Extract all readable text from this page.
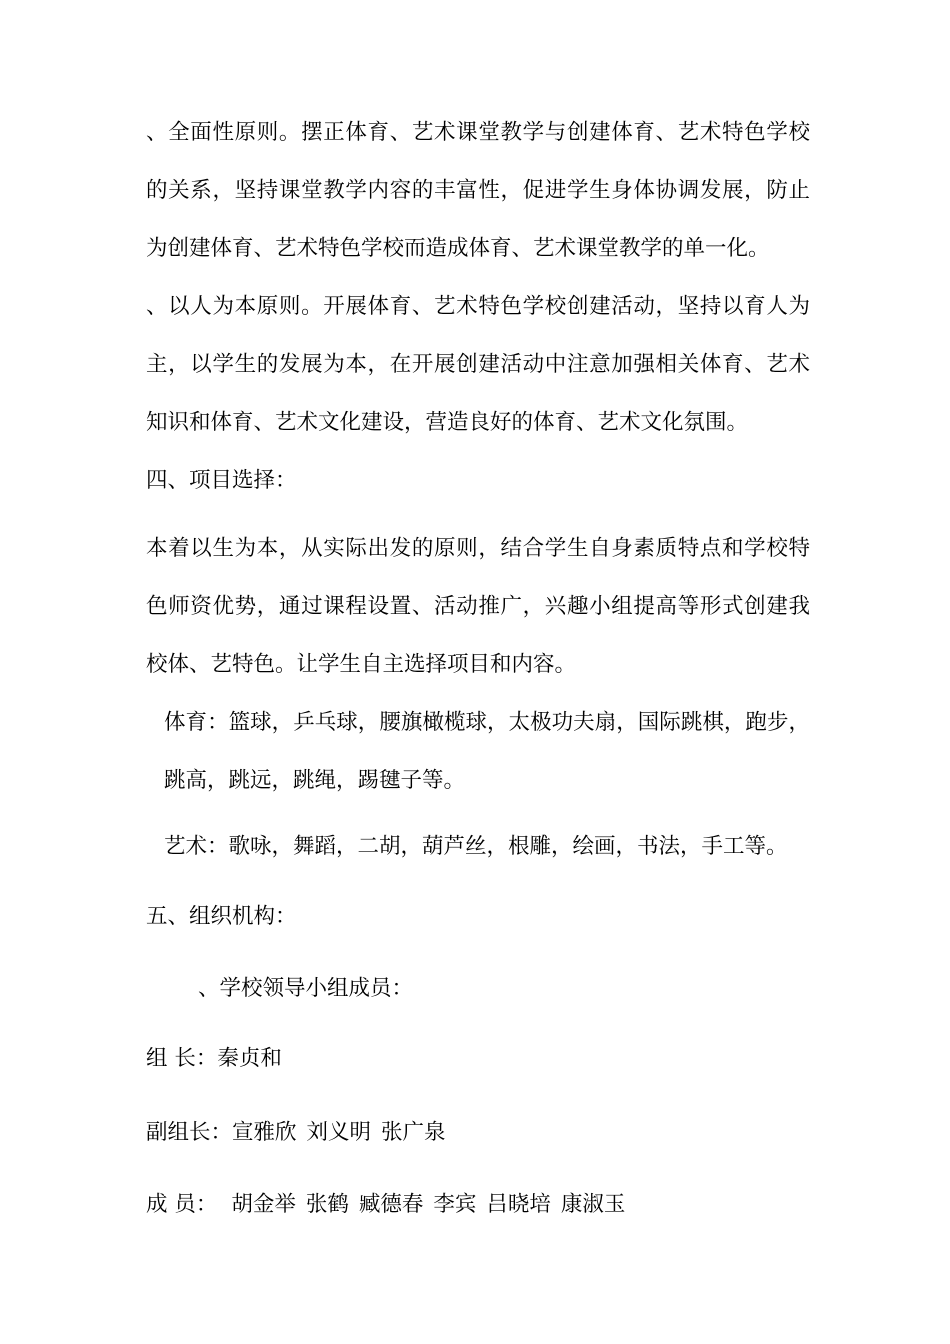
、全面性原则。摆正体育、艺术课堂教学与创建体育、艺术特色学校的关系，坚持课堂教学内容的丰富性，促进学生身体协调发展，防止为创建体育、艺术特色学校而造成体育、艺术课堂教学的单一化。

、以人为本原则。开展体育、艺术特色学校创建活动，坚持以育人为主，以学生的发展为本，在开展创建活动中注意加强相关体育、艺术知识和体育、艺术文化建设，营造良好的体育、艺术文化氛围。

四、项目选择：

本着以生为本，从实际出发的原则，结合学生自身素质特点和学校特色师资优势，通过课程设置、活动推广，兴趣小组提高等形式创建我校体、艺特色。让学生自主选择项目和内容。

体育：篮球，乒乓球，腰旗橄榄球，太极功夫扇，国际跳棋，跑步，跳高，跳远，跳绳，踢毽子等。

艺术：歌咏，舞蹈，二胡，葫芦丝，根雕，绘画，书法，手工等。

五、组织机构：

、学校领导小组成员：

组 长：秦贞和

副组长：宣雅欣 刘义明 张广泉

成 员： 胡金举 张鹤 臧德春 李宾 吕晓培 康淑玉
